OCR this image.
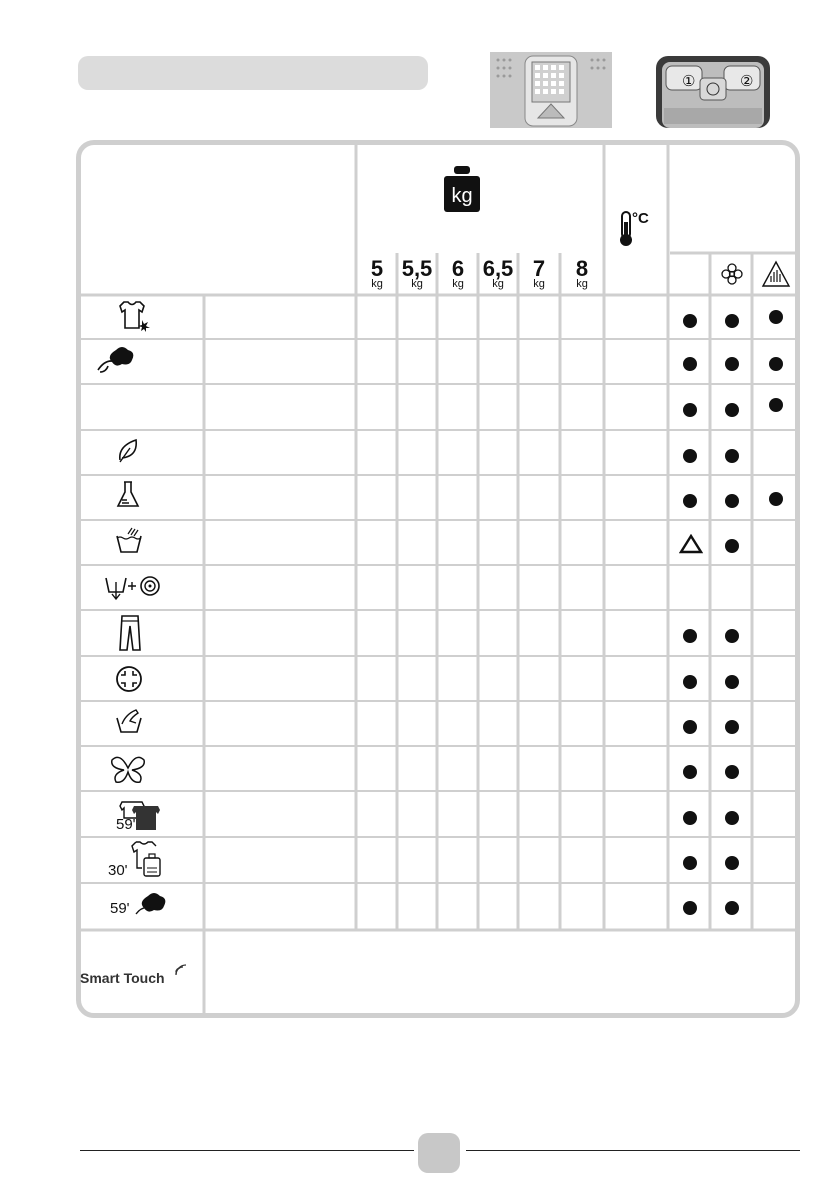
①	②
kg
°C
5
kg
5,5
kg
6
kg
6,5
kg
7
kg
8
kg
59'
30'
59'
Smart Touch
